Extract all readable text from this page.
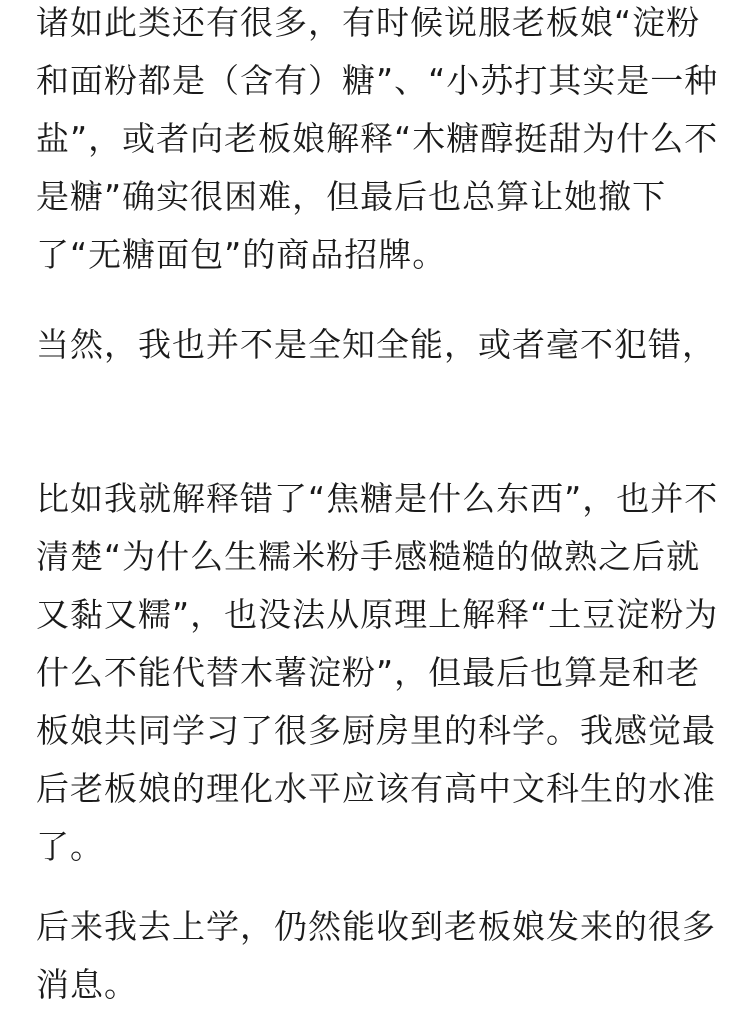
诸如此类还有很多，有时候说服老板娘“淀粉和面粉都是（含有）糖”、“小苏打其实是一种盐”，或者向老板娘解释“木糖醇挺甜为什么不是糖”确实很困难，但最后也总算让她撤下了“无糖面包”的商品招牌。

当然，我也并不是全知全能，或者毫不犯错，

比如我就解释错了“焦糖是什么东西”，也并不清楚“为什么生糯米粉手感糙糙的做熟之后就又黏又糯”，也没法从原理上解释“土豆淀粉为什么不能代替木薯淀粉”，但最后也算是和老板娘共同学习了很多厨房里的科学。我感觉最后老板娘的理化水平应该有高中文科生的水准了。

后来我去上学，仍然能收到老板娘发来的很多消息。
